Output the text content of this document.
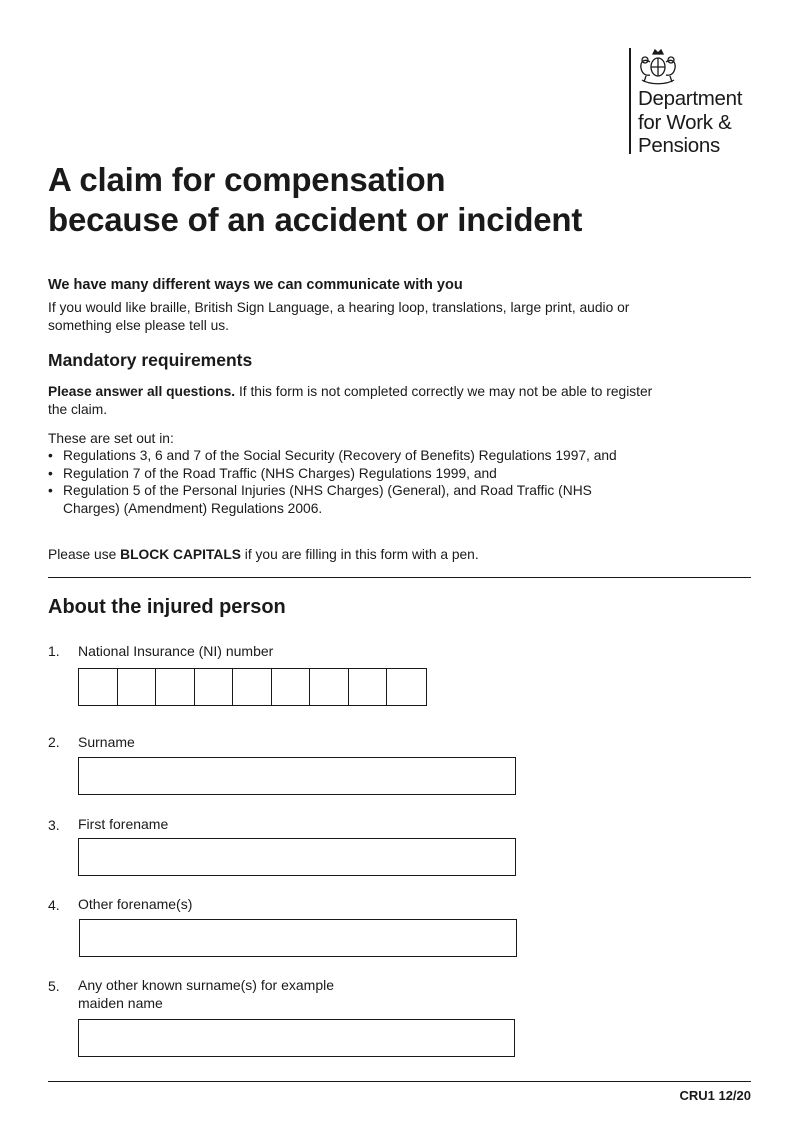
Department
for Work &
Pensions
A claim for compensation
because of an accident or incident
We have many different ways we can communicate with you
If you would like braille, British Sign Language, a hearing loop, translations, large print, audio or something else please tell us.
Mandatory requirements
Please answer all questions. If this form is not completed correctly we may not be able to register the claim.
These are set out in:
• Regulations 3, 6 and 7 of the Social Security (Recovery of Benefits) Regulations 1997, and
• Regulation 7 of the Road Traffic (NHS Charges) Regulations 1999, and
• Regulation 5 of the Personal Injuries (NHS Charges) (General), and Road Traffic (NHS Charges) (Amendment) Regulations 2006.
Please use BLOCK CAPITALS if you are filling in this form with a pen.
About the injured person
1. National Insurance (NI) number
2. Surname
3. First forename
4. Other forename(s)
5. Any other known surname(s) for example
maiden name
CRU1 12/20
